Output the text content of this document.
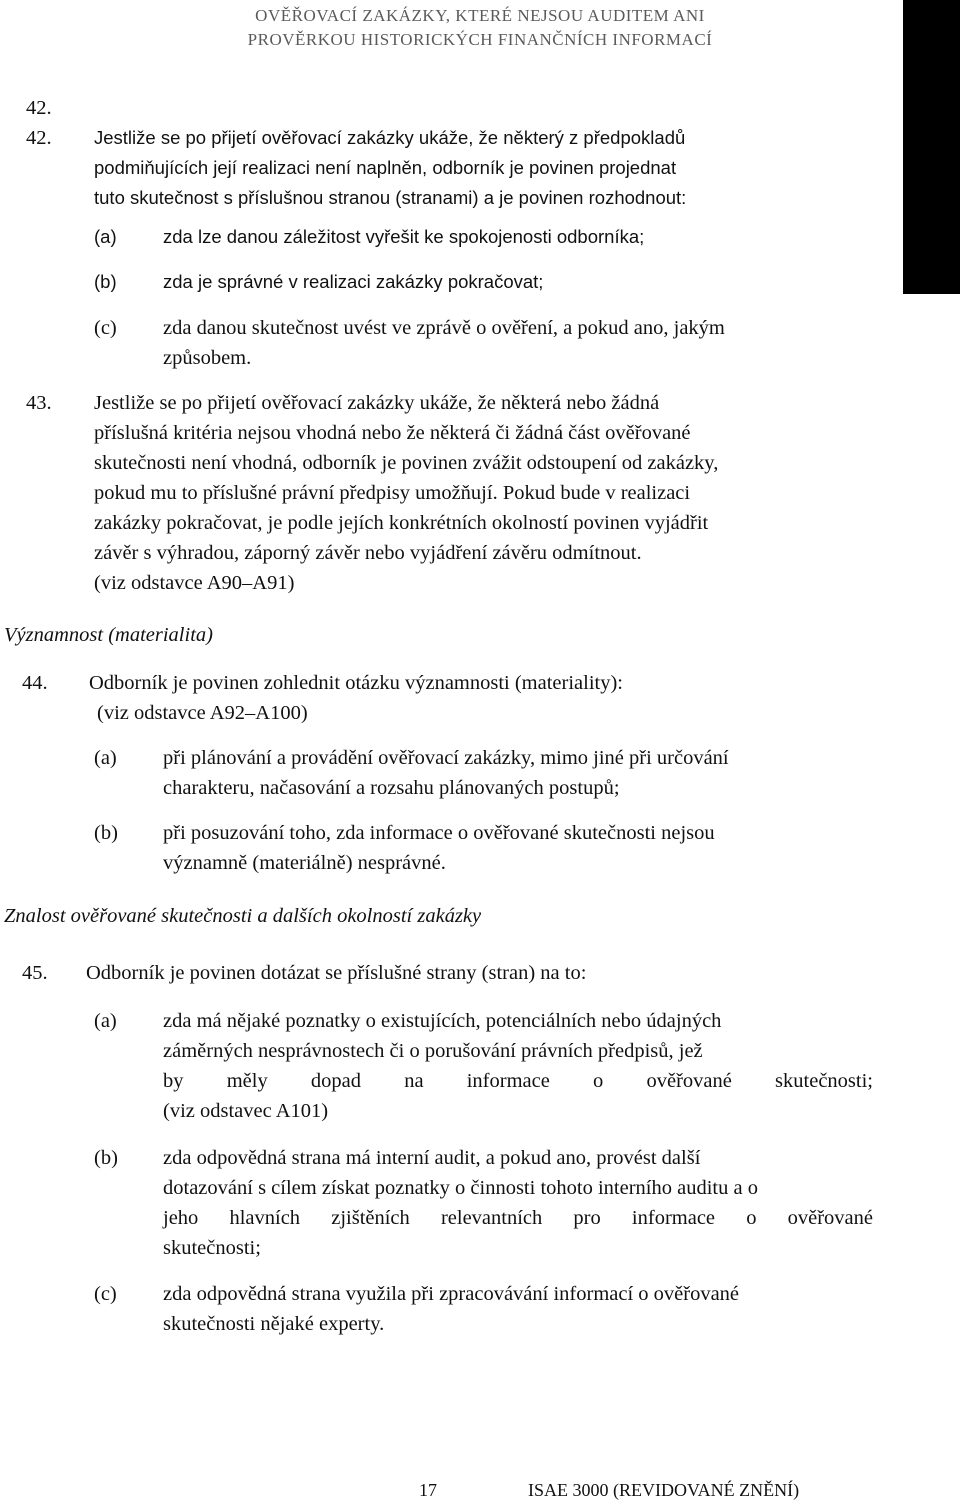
OVĚŘOVACÍ ZAKÁZKY, KTERÉ NEJSOU AUDITEM ANI
PROVĚRKOU HISTORICKÝCH FINANČNÍCH INFORMACÍ
42.
42. Jestliže se po přijetí ověřovací zakázky ukáže, že některý z předpokladů
podmiňujících její realizaci není naplněn, odborník je povinen projednat
tuto skutečnost s příslušnou stranou (stranami) a je povinen rozhodnout:
(a)	zda lze danou záležitost vyřešit ke spokojenosti odborníka;
(b)	zda je správné v realizaci zakázky pokračovat;
(c) zda danou skutečnost uvést ve zprávě o ověření, a pokud ano, jakým
způsobem.
43. Jestliže se po přijetí ověřovací zakázky ukáže, že některá nebo žádná
příslušná kritéria nejsou vhodná nebo že některá či žádná část ověřované
skutečnosti není vhodná, odborník je povinen zvážit odstoupení od zakázky,
pokud mu to příslušné právní předpisy umožňují. Pokud bude v realizaci
zakázky pokračovat, je podle jejích konkrétních okolností povinen vyjádřit
závěr s výhradou, záporný závěr nebo vyjádření závěru odmítnout.
(viz odstavce A90–A91)
Významnost (materialita)
44. Odborník je povinen zohlednit otázku významnosti (materiality):
(viz odstavce A92–A100)
(a) při plánování a provádění ověřovací zakázky, mimo jiné při určování
charakteru, načasování a rozsahu plánovaných postupů;
(b) při posuzování toho, zda informace o ověřované skutečnosti nejsou
významně (materiálně) nesprávné.
Znalost ověřované skutečnosti a dalších okolností zakázky
45. Odborník je povinen dotázat se příslušné strany (stran) na to:
(a) zda má nějaké poznatky o existujících, potenciálních nebo údajných
záměrných nesprávnostech či o porušování právních předpisů, jež
by měly dopad na informace o ověřované skutečnosti;
(viz odstavec A101)
(b) zda odpovědná strana má interní audit, a pokud ano, provést další
dotazování s cílem získat poznatky o činnosti tohoto interního auditu a o
jeho hlavních zjištěních relevantních pro informace o ověřované
skutečnosti;
(c) zda odpovědná strana využila při zpracovávání informací o ověřované
skutečnosti nějaké experty.
17	ISAE 3000 (REVIDOVANÉ ZNĚNÍ)
